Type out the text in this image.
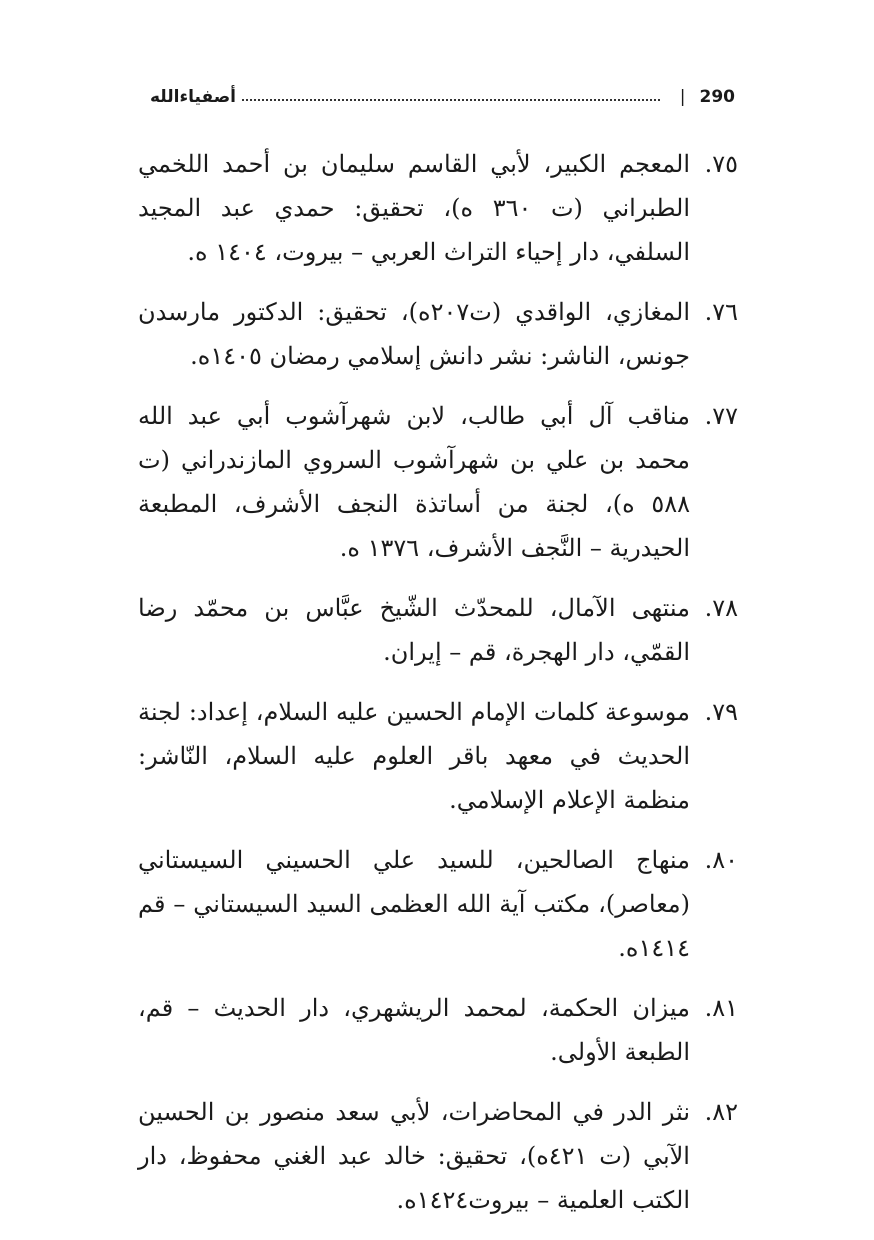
290
|
أصفياءالله
٧٥.
المعجم الكبير، لأبي القاسم سليمان بن أحمد اللخمي الطبراني (ت ٣٦٠ ه)، تحقيق: حمدي عبد المجيد السلفي، دار إحياء التراث العربي – بيروت، ١٤٠٤ ه.
٧٦.
المغازي، الواقدي (ت٢٠٧ه)، تحقيق: الدكتور مارسدن جونس، الناشر: نشر دانش إسلامي رمضان ١٤٠٥ه.
٧٧.
مناقب آل أبي طالب، لابن شهرآشوب أبي عبد الله محمد بن علي بن شهرآشوب السروي المازندراني (ت ٥٨٨ ه)، لجنة من أساتذة النجف الأشرف، المطبعة الحيدرية – النَّجف الأشرف، ١٣٧٦ ه.
٧٨.
منتهى الآمال، للمحدّث الشّيخ عبَّاس بن محمّد رضا القمّي، دار الهجرة، قم – إيران.
٧٩.
موسوعة كلمات الإمام الحسين عليه السلام، إعداد: لجنة الحديث في معهد باقر العلوم عليه السلام، النّاشر: منظمة الإعلام الإسلامي.
٨٠.
منهاج الصالحين، للسيد علي الحسيني السيستاني (معاصر)، مكتب آية الله العظمى السيد السيستاني – قم ١٤١٤ه.
٨١.
ميزان الحكمة، لمحمد الريشهري، دار الحديث – قم، الطبعة الأولى.
٨٢.
نثر الدر في المحاضرات، لأبي سعد منصور بن الحسين الآبي (ت ٤٢١ه)، تحقيق: خالد عبد الغني محفوظ، دار الكتب العلمية – بيروت١٤٢٤ه.
